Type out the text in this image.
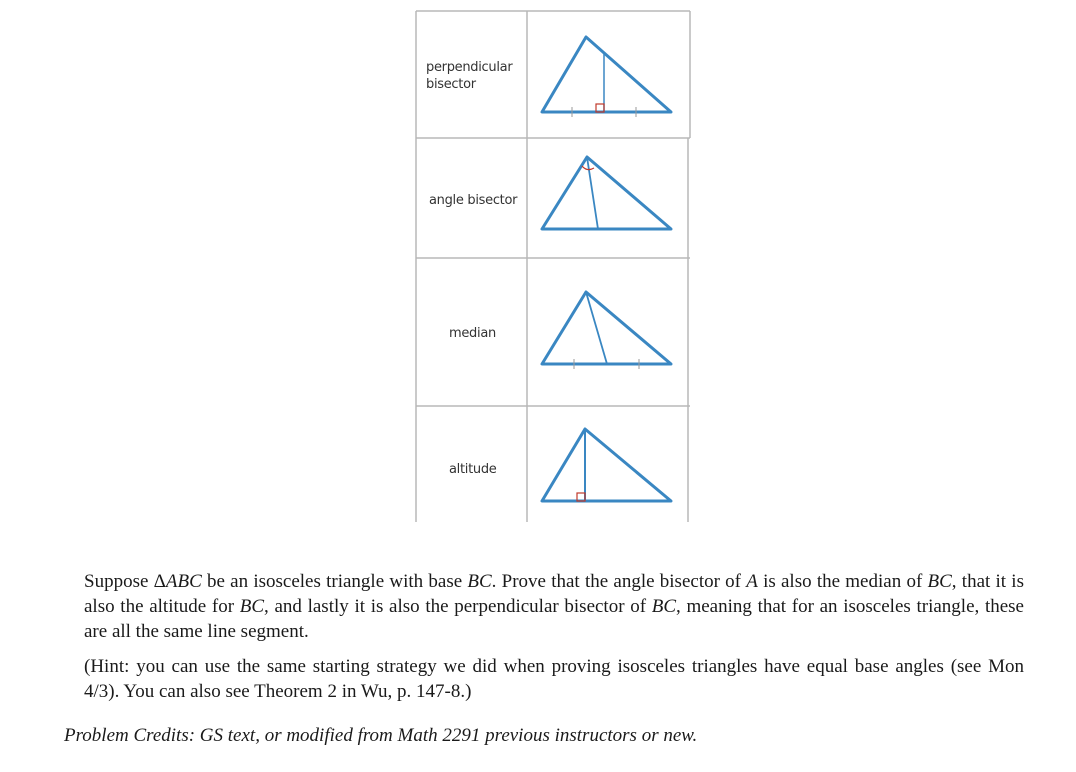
perpendicular
bisector
angle bisector
median
altitude
Suppose ΔABC be an isosceles triangle with base BC. Prove that the angle bisector of A is also the median of BC, that it is also the altitude for BC, and lastly it is also the perpendicular bisector of BC, meaning that for an isosceles triangle, these are all the same line segment.
(Hint: you can use the same starting strategy we did when proving isosceles triangles have equal base angles (see Mon 4/3). You can also see Theorem 2 in Wu, p. 147-8.)
Problem Credits: GS text, or modified from Math 2291 previous instructors or new.
